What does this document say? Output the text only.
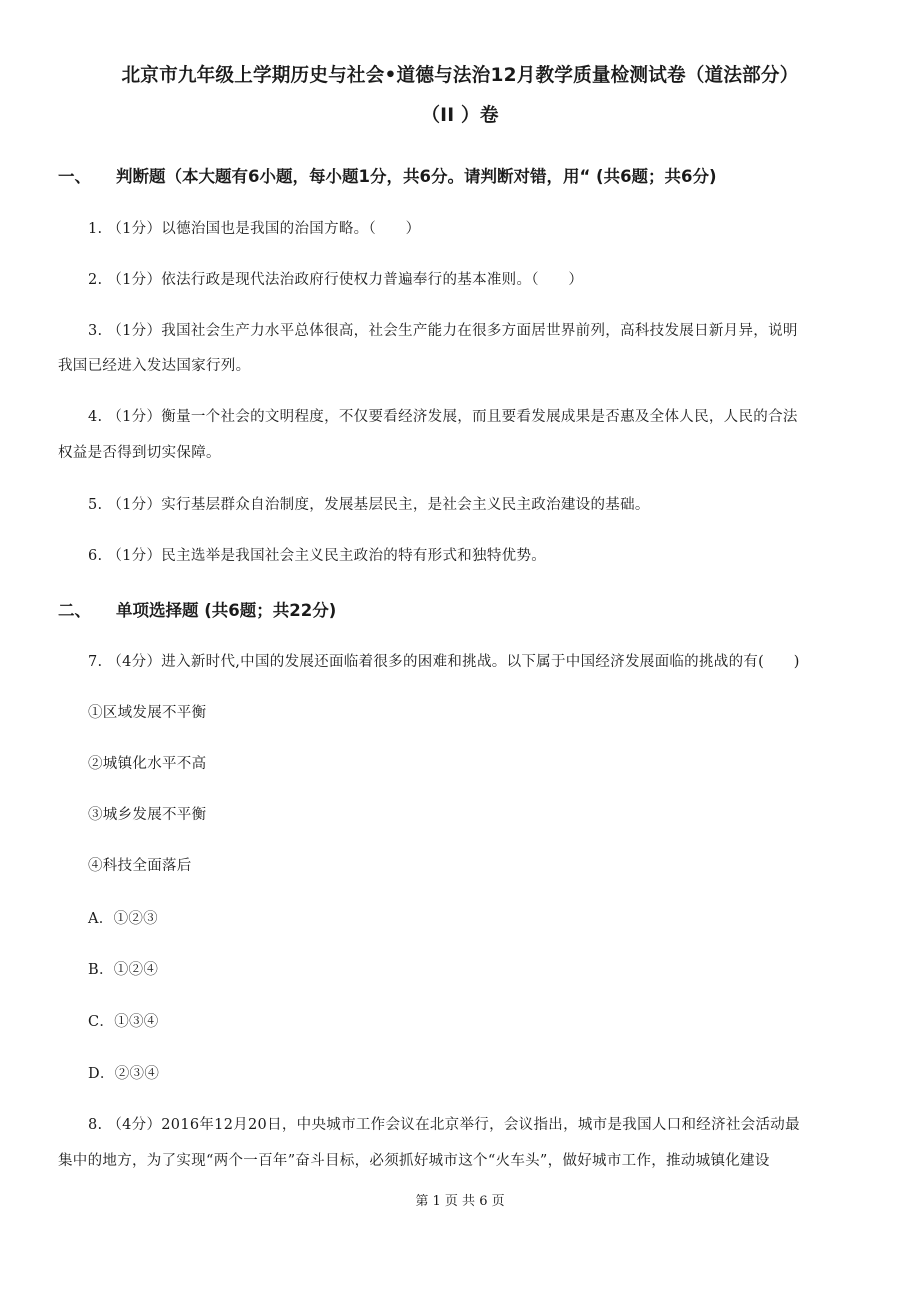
北京市九年级上学期历史与社会•道德与法治12月教学质量检测试卷（道法部分）
（II ）卷
一、 判断题（本大题有6小题，每小题1分，共6分。请判断对错，用“ (共6题；共6分)
1. （1分）以德治国也是我国的治国方略。（　　）
2. （1分）依法行政是现代法治政府行使权力普遍奉行的基本准则。（　　）
3. （1分）我国社会生产力水平总体很高，社会生产能力在很多方面居世界前列，高科技发展日新月异，说明
我国已经进入发达国家行列。
4. （1分）衡量一个社会的文明程度，不仅要看经济发展，而且要看发展成果是否惠及全体人民，人民的合法
权益是否得到切实保障。
5. （1分）实行基层群众自治制度，发展基层民主，是社会主义民主政治建设的基础。
6. （1分）民主选举是我国社会主义民主政治的特有形式和独特优势。
二、 单项选择题 (共6题；共22分)
7. （4分）进入新时代,中国的发展还面临着很多的困难和挑战。以下属于中国经济发展面临的挑战的有(　　)
①区域发展不平衡
②城镇化水平不高
③城乡发展不平衡
④科技全面落后
A．①②③
B．①②④
C．①③④
D．②③④
8. （4分）2016年12月20日，中央城市工作会议在北京举行，会议指出，城市是我国人口和经济社会活动最
集中的地方，为了实现“两个一百年”奋斗目标，必须抓好城市这个“火车头”，做好城市工作，推动城镇化建设
第 1 页 共 6 页
